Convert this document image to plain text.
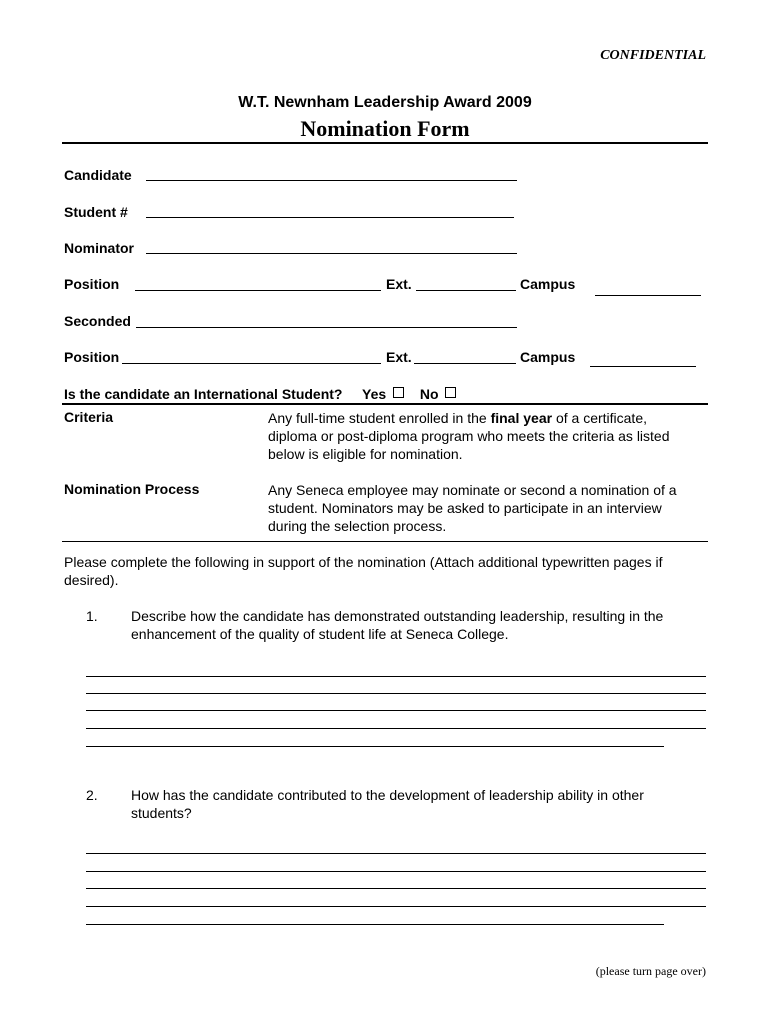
CONFIDENTIAL
W.T. Newnham Leadership Award 2009
Nomination Form
Candidate
Student #
Nominator
Position	Ext.	Campus
Seconded
Position	Ext.	Campus
Is the candidate an International Student? Yes No
Criteria	Any full-time student enrolled in the final year of a certificate, diploma or post-diploma program who meets the criteria as listed below is eligible for nomination.
Nomination Process	Any Seneca employee may nominate or second a nomination of a student. Nominators may be asked to participate in an interview during the selection process.
Please complete the following in support of the nomination (Attach additional typewritten pages if desired).
1. Describe how the candidate has demonstrated outstanding leadership, resulting in the enhancement of the quality of student life at Seneca College.
2. How has the candidate contributed to the development of leadership ability in other students?
(please turn page over)
